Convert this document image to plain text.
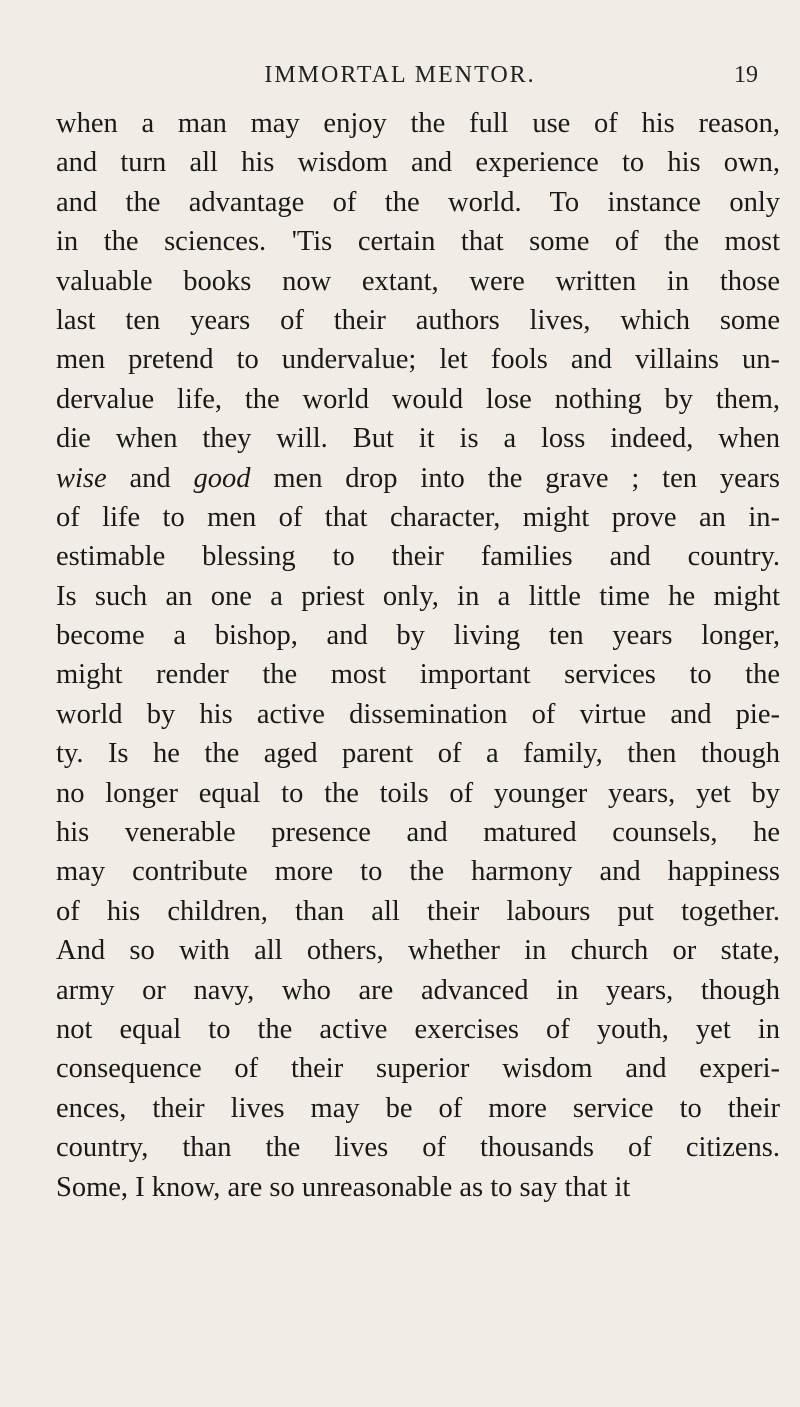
IMMORTAL MENTOR.	19
when a man may enjoy the full use of his reason,
and turn all his wisdom and experience to his own,
and the advantage of the world. To instance only
in the sciences. 'Tis certain that some of the most
valuable books now extant, were written in those
last ten years of their authors lives, which some
men pretend to undervalue; let fools and villains un-
dervalue life, the world would lose nothing by them,
die when they will. But it is a loss indeed, when
wise and good men drop into the grave ; ten years
of life to men of that character, might prove an in-
estimable blessing to their families and country.
Is such an one a priest only, in a little time he might
become a bishop, and by living ten years longer,
might render the most important services to the
world by his active dissemination of virtue and pie-
ty. Is he the aged parent of a family, then though
no longer equal to the toils of younger years, yet by
his venerable presence and matured counsels, he
may contribute more to the harmony and happiness
of his children, than all their labours put together.
And so with all others, whether in church or state,
army or navy, who are advanced in years, though
not equal to the active exercises of youth, yet in
consequence of their superior wisdom and experi-
ences, their lives may be of more service to their
country, than the lives of thousands of citizens.
Some, I know, are so unreasonable as to say that it
